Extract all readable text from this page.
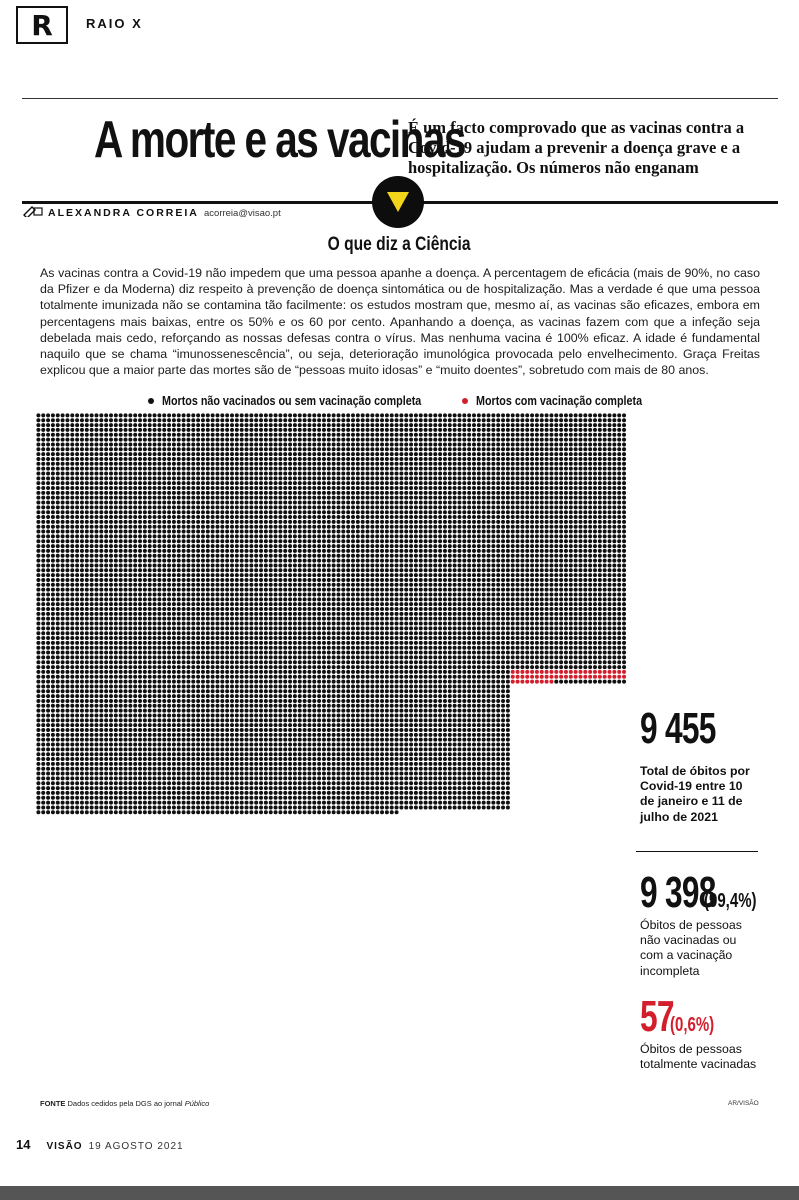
R	RAIO X
A morte e as vacinas

É um facto comprovado que as vacinas contra a Covid-19 ajudam a prevenir a doença grave e a hospitalização. Os números não enganam

ALEXANDRA CORREIA acorreia@visao.pt
O que diz a Ciência

As vacinas contra a Covid-19 não impedem que uma pessoa apanhe a doença. A percentagem de eficácia (mais de 90%, no caso da Pfizer e da Moderna) diz respeito à prevenção de doença sintomática ou de hospitalização. Mas a verdade é que uma pessoa totalmente imunizada não se contamina tão facilmente: os estudos mostram que, mesmo aí, as vacinas são eficazes, embora em percentagens mais baixas, entre os 50% e os 60 por cento. Apanhando a doença, as vacinas fazem com que a infeção seja debelada mais cedo, reforçando as nossas defesas contra o vírus. Mas nenhuma vacina é 100% eficaz. A idade é fundamental naquilo que se chama “imunossenescência”, ou seja, deterioração imunológica provocada pelo envelhecimento. Graça Freitas explicou que a maior parte das mortes são de “pessoas muito idosas” e “muito doentes”, sobretudo com mais de 80 anos.

Mortos não vacinados ou sem vacinação completa	Mortos com vacinação completa
9 455

Total de óbitos por Covid-19 entre 10 de janeiro e 11 de julho de 2021

9 398(99,4%)

Óbitos de pessoas não vacinadas ou com a vacinação incompleta

57(0,6%)

Óbitos de pessoas totalmente vacinadas

FONTE Dados cedidos pela DGS ao jornal Público	AR/VISÃO
14 VISÃO 19 AGOSTO 2021
